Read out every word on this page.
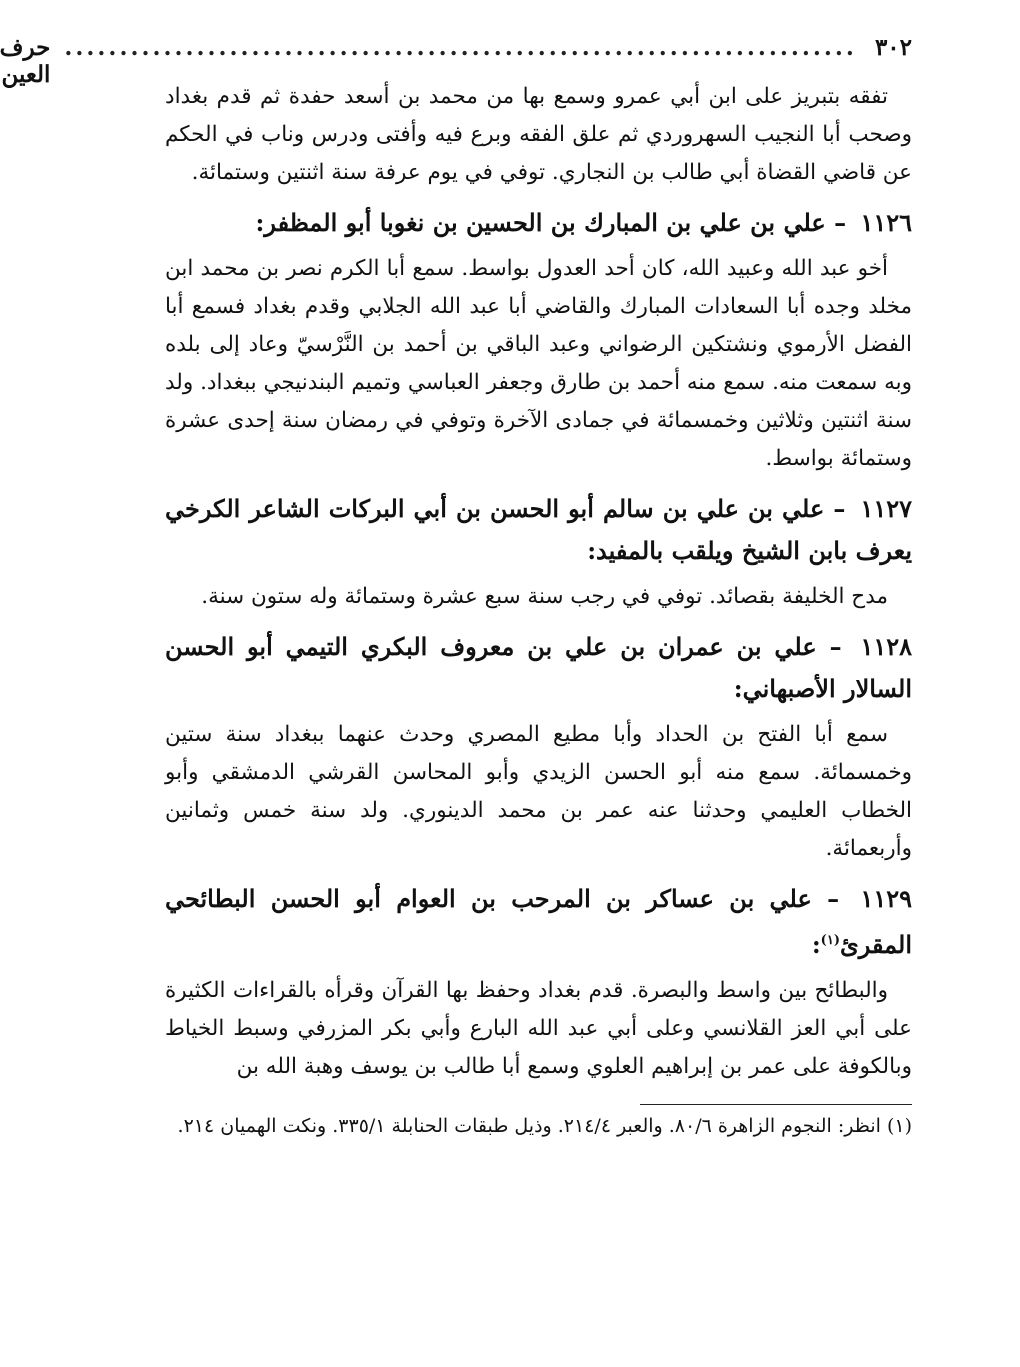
٣٠٢
........................................................................
حرف العين

تفقه بتبريز على ابن أبي عمرو وسمع بها من محمد بن أسعد حفدة ثم قدم بغداد وصحب أبا النجيب السهروردي ثم علق الفقه وبرع فيه وأفتى ودرس وناب في الحكم عن قاضي القضاة أبي طالب بن النجاري. توفي في يوم عرفة سنة اثنتين وستمائة.

١١٢٦ – علي بن علي بن المبارك بن الحسين بن نغوبا أبو المظفر:

أخو عبد الله وعبيد الله، كان أحد العدول بواسط. سمع أبا الكرم نصر بن محمد ابن مخلد وجده أبا السعادات المبارك والقاضي أبا عبد الله الجلابي وقدم بغداد فسمع أبا الفضل الأرموي ونشتكين الرضواني وعبد الباقي بن أحمد بن النَّرْسيّ وعاد إلى بلده وبه سمعت منه. سمع منه أحمد بن طارق وجعفر العباسي وتميم البندنيجي ببغداد. ولد سنة اثنتين وثلاثين وخمسمائة في جمادى الآخرة وتوفي في رمضان سنة إحدى عشرة وستمائة بواسط.

١١٢٧ – علي بن علي بن سالم أبو الحسن بن أبي البركات الشاعر الكرخي يعرف بابن الشيخ ويلقب بالمفيد:

مدح الخليفة بقصائد. توفي في رجب سنة سبع عشرة وستمائة وله ستون سنة.

١١٢٨ – علي بن عمران بن علي بن معروف البكري التيمي أبو الحسن السالار الأصبهاني:

سمع أبا الفتح بن الحداد وأبا مطيع المصري وحدث عنهما ببغداد سنة ستين وخمسمائة. سمع منه أبو الحسن الزيدي وأبو المحاسن القرشي الدمشقي وأبو الخطاب العليمي وحدثنا عنه عمر بن محمد الدينوري. ولد سنة خمس وثمانين وأربعمائة.

١١٢٩ – علي بن عساكر بن المرحب بن العوام أبو الحسن البطائحي المقرئ$^{(١)}$:

والبطائح بين واسط والبصرة. قدم بغداد وحفظ بها القرآن وقرأه بالقراءات الكثيرة على أبي العز القلانسي وعلى أبي عبد الله البارع وأبي بكر المزرفي وسبط الخياط وبالكوفة على عمر بن إبراهيم العلوي وسمع أبا طالب بن يوسف وهبة الله بن

(١) انظر: النجوم الزاهرة ٨٠/٦. والعبر ٢١٤/٤. وذيل طبقات الحنابلة ٣٣٥/١. ونكت الهميان ٢١٤.
